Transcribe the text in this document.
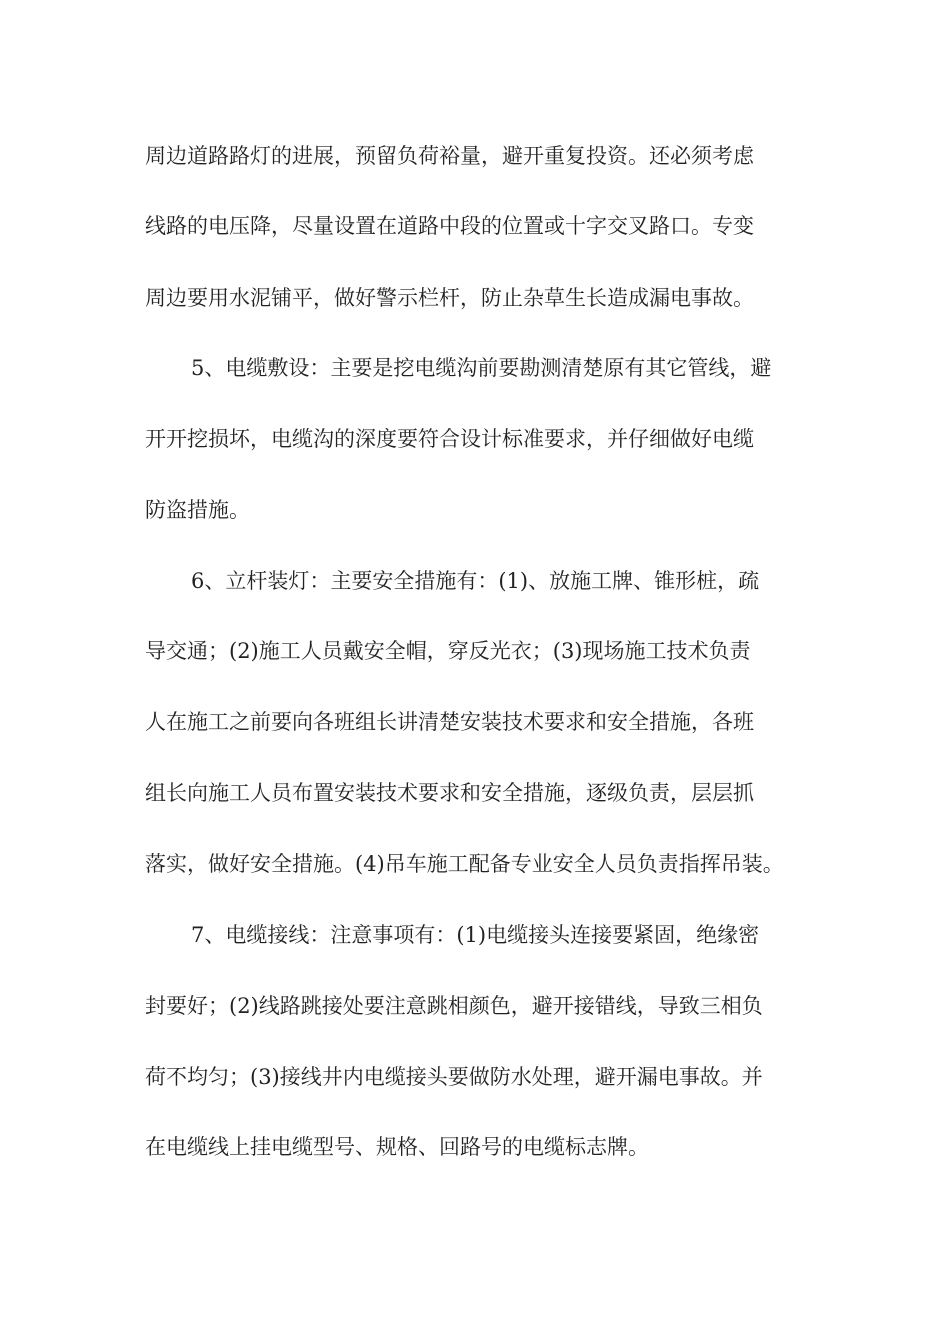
周边道路路灯的进展，预留负荷裕量，避开重复投资。还必须考虑
线路的电压降，尽量设置在道路中段的位置或十字交叉路口。专变
周边要用水泥铺平，做好警示栏杆，防止杂草生长造成漏电事故。
5、电缆敷设：主要是挖电缆沟前要勘测清楚原有其它管线，避
开开挖损坏，电缆沟的深度要符合设计标准要求，并仔细做好电缆
防盗措施。
6、立杆装灯：主要安全措施有：(1)、放施工牌、锥形桩，疏
导交通；(2)施工人员戴安全帽，穿反光衣；(3)现场施工技术负责
人在施工之前要向各班组长讲清楚安装技术要求和安全措施，各班
组长向施工人员布置安装技术要求和安全措施，逐级负责，层层抓
落实，做好安全措施。(4)吊车施工配备专业安全人员负责指挥吊装。
7、电缆接线：注意事项有：(1)电缆接头连接要紧固，绝缘密
封要好；(2)线路跳接处要注意跳相颜色，避开接错线，导致三相负
荷不均匀；(3)接线井内电缆接头要做防水处理，避开漏电事故。并
在电缆线上挂电缆型号、规格、回路号的电缆标志牌。
